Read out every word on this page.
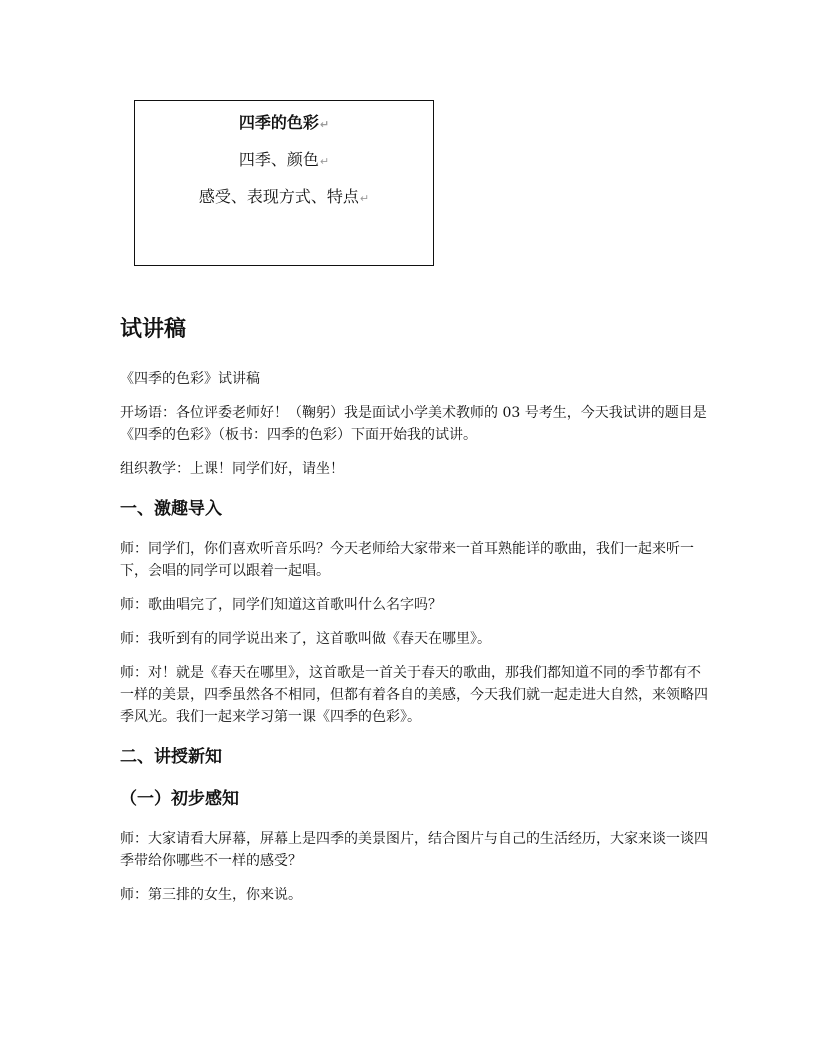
四季的色彩↵
四季、颜色↵
感受、表现方式、特点↵
试讲稿

《四季的色彩》试讲稿

开场语：各位评委老师好！（鞠躬）我是面试小学美术教师的 03 号考生，今天我试讲的题目是《四季的色彩》（板书：四季的色彩）下面开始我的试讲。

组织教学：上课！同学们好，请坐！

一、激趣导入

师：同学们，你们喜欢听音乐吗？今天老师给大家带来一首耳熟能详的歌曲，我们一起来听一下，会唱的同学可以跟着一起唱。

师：歌曲唱完了，同学们知道这首歌叫什么名字吗？

师：我听到有的同学说出来了，这首歌叫做《春天在哪里》。

师：对！就是《春天在哪里》，这首歌是一首关于春天的歌曲，那我们都知道不同的季节都有不一样的美景，四季虽然各不相同，但都有着各自的美感，今天我们就一起走进大自然，来领略四季风光。我们一起来学习第一课《四季的色彩》。

二、讲授新知
（一）初步感知

师：大家请看大屏幕，屏幕上是四季的美景图片，结合图片与自己的生活经历，大家来谈一谈四季带给你哪些不一样的感受？

师：第三排的女生，你来说。
